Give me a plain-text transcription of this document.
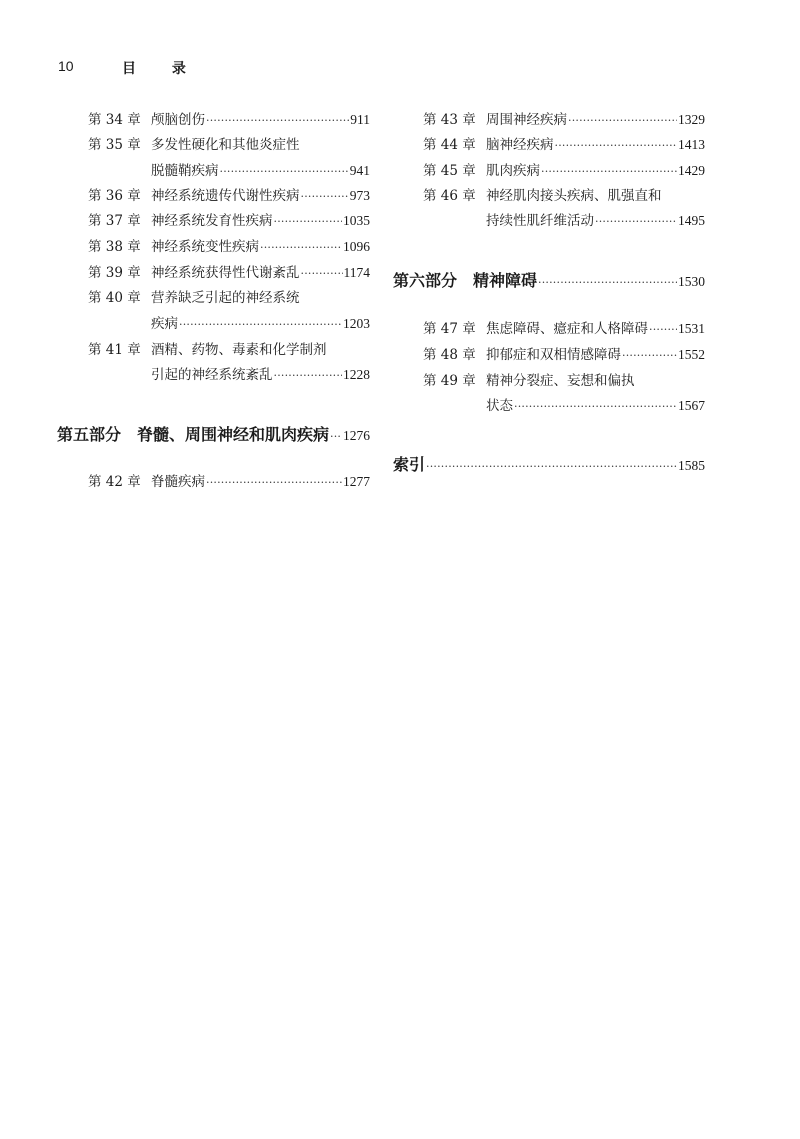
10	目 录
第 34 章 颅脑创伤 ·····	911
第 35 章 多发性硬化和其他炎症性
脱髓鞘疾病 ·····	941
第 36 章 神经系统遗传代谢性疾病 ·····	973
第 37 章 神经系统发育性疾病 ·····	1035
第 38 章 神经系统变性疾病 ·····	1096
第 39 章 神经系统获得性代谢紊乱 ·····	1174
第 40 章 营养缺乏引起的神经系统
疾病 ·····	1203
第 41 章 酒精、药物、毒素和化学制剂
引起的神经系统紊乱 ·····	1228
第五部分　脊髓、周围神经和肌肉疾病 ····· 1276
第 42 章 脊髓疾病 ·····	1277
第 43 章 周围神经疾病 ·····	1329
第 44 章 脑神经疾病 ·····	1413
第 45 章 肌肉疾病 ·····	1429
第 46 章 神经肌肉接头疾病、肌强直和
持续性肌纤维活动 ·····	1495
第六部分　精神障碍 ·····	1530
第 47 章 焦虑障碍、癔症和人格障碍 ····· 1531
第 48 章 抑郁症和双相情感障碍 ·····	1552
第 49 章 精神分裂症、妄想和偏执
状态 ·····	1567
索引 ·····	1585
